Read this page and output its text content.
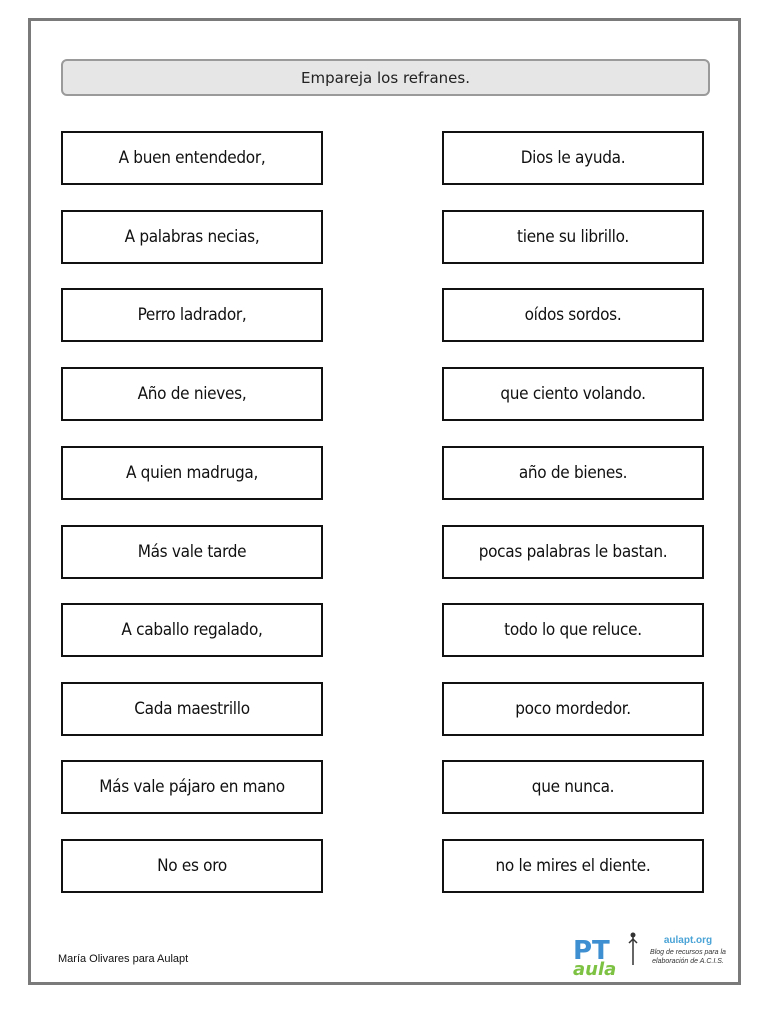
Empareja los refranes.
A buen entendedor,
A palabras necias,
Perro ladrador,
Año de nieves,
A quien madruga,
Más vale tarde
A caballo regalado,
Cada maestrillo
Más vale pájaro en mano
No es oro
Dios le ayuda.
tiene su librillo.
oídos sordos.
que ciento volando.
año de bienes.
pocas palabras le bastan.
todo lo que reluce.
poco mordedor.
que nunca.
no le mires el diente.
María Olivares para Aulapt	PT
aula
aulapt.org
Blog de recursos para la
elaboración de A.C.I.S.
